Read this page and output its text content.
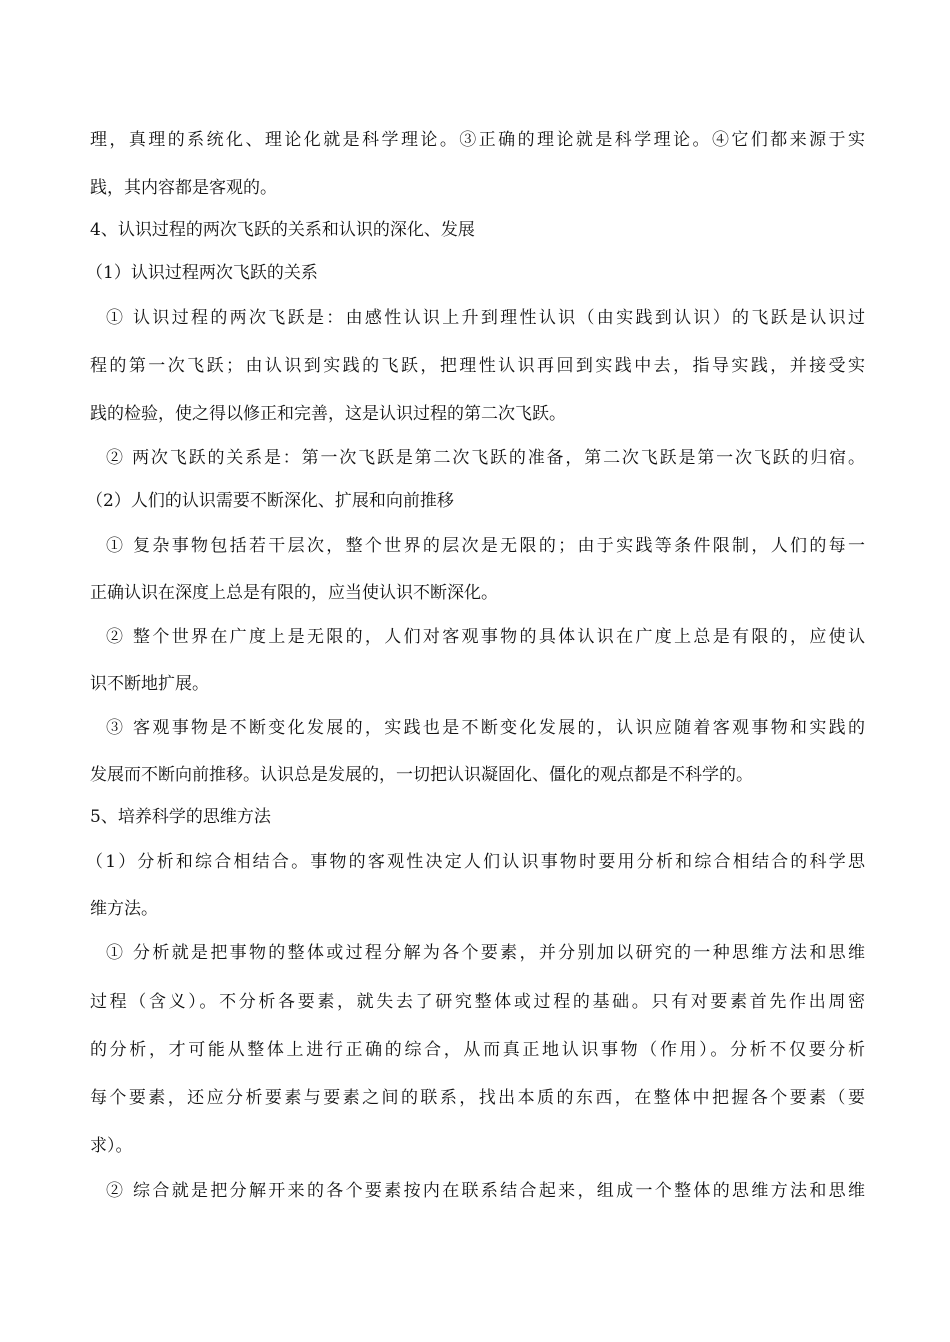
理，真理的系统化、理论化就是科学理论。③正确的理论就是科学理论。④它们都来源于实
践，其内容都是客观的。
4、认识过程的两次飞跃的关系和认识的深化、发展
（1）认识过程两次飞跃的关系
① 认识过程的两次飞跃是：由感性认识上升到理性认识（由实践到认识）的飞跃是认识过
程的第一次飞跃；由认识到实践的飞跃，把理性认识再回到实践中去，指导实践，并接受实
践的检验，使之得以修正和完善，这是认识过程的第二次飞跃。
② 两次飞跃的关系是：第一次飞跃是第二次飞跃的准备，第二次飞跃是第一次飞跃的归宿。
（2）人们的认识需要不断深化、扩展和向前推移
① 复杂事物包括若干层次，整个世界的层次是无限的；由于实践等条件限制，人们的每一
正确认识在深度上总是有限的，应当使认识不断深化。
② 整个世界在广度上是无限的，人们对客观事物的具体认识在广度上总是有限的，应使认
识不断地扩展。
③ 客观事物是不断变化发展的，实践也是不断变化发展的，认识应随着客观事物和实践的
发展而不断向前推移。认识总是发展的，一切把认识凝固化、僵化的观点都是不科学的。
5、培养科学的思维方法
（1）分析和综合相结合。事物的客观性决定人们认识事物时要用分析和综合相结合的科学思
维方法。
① 分析就是把事物的整体或过程分解为各个要素，并分别加以研究的一种思维方法和思维
过程（含义）。不分析各要素，就失去了研究整体或过程的基础。只有对要素首先作出周密
的分析，才可能从整体上进行正确的综合，从而真正地认识事物（作用）。分析不仅要分析
每个要素，还应分析要素与要素之间的联系，找出本质的东西，在整体中把握各个要素（要
求）。
② 综合就是把分解开来的各个要素按内在联系结合起来，组成一个整体的思维方法和思维
